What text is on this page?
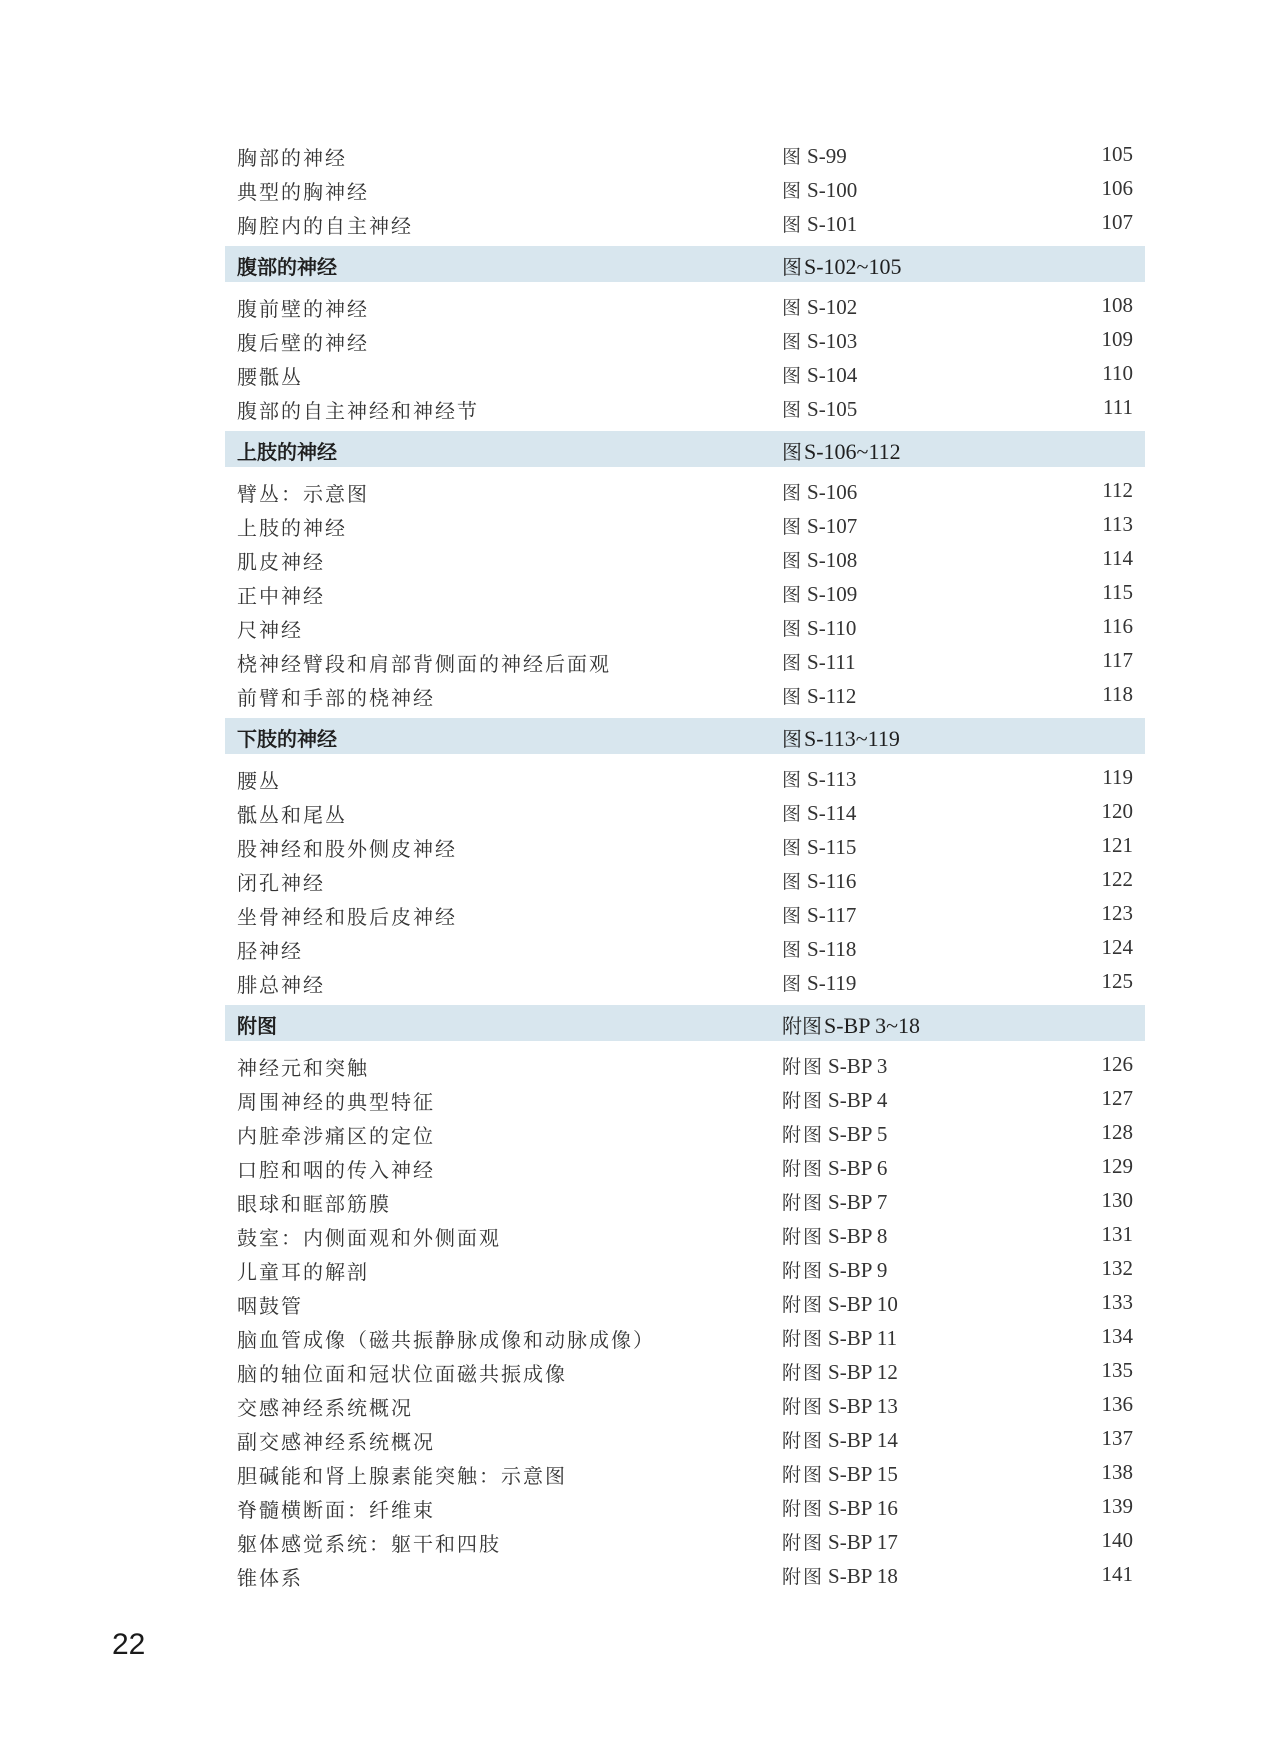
胸部的神经	图 S-99	105
典型的胸神经	图 S-100	106
胸腔内的自主神经	图 S-101	107
腹部的神经	图S-102~105
腹前壁的神经	图 S-102	108
腹后壁的神经	图 S-103	109
腰骶丛	图 S-104	110
腹部的自主神经和神经节	图 S-105	111
上肢的神经	图S-106~112
臂丛：示意图	图 S-106	112
上肢的神经	图 S-107	113
肌皮神经	图 S-108	114
正中神经	图 S-109	115
尺神经	图 S-110	116
桡神经臂段和肩部背侧面的神经后面观	图 S-111	117
前臂和手部的桡神经	图 S-112	118
下肢的神经	图S-113~119
腰丛	图 S-113	119
骶丛和尾丛	图 S-114	120
股神经和股外侧皮神经	图 S-115	121
闭孔神经	图 S-116	122
坐骨神经和股后皮神经	图 S-117	123
胫神经	图 S-118	124
腓总神经	图 S-119	125
附图	附图S-BP 3~18
神经元和突触	附图 S-BP 3	126
周围神经的典型特征	附图 S-BP 4	127
内脏牵涉痛区的定位	附图 S-BP 5	128
口腔和咽的传入神经	附图 S-BP 6	129
眼球和眶部筋膜	附图 S-BP 7	130
鼓室：内侧面观和外侧面观	附图 S-BP 8	131
儿童耳的解剖	附图 S-BP 9	132
咽鼓管	附图 S-BP 10	133
脑血管成像（磁共振静脉成像和动脉成像）	附图 S-BP 11	134
脑的轴位面和冠状位面磁共振成像	附图 S-BP 12	135
交感神经系统概况	附图 S-BP 13	136
副交感神经系统概况	附图 S-BP 14	137
胆碱能和肾上腺素能突触：示意图	附图 S-BP 15	138
脊髓横断面：纤维束	附图 S-BP 16	139
躯体感觉系统：躯干和四肢	附图 S-BP 17	140
锥体系	附图 S-BP 18	141
22
